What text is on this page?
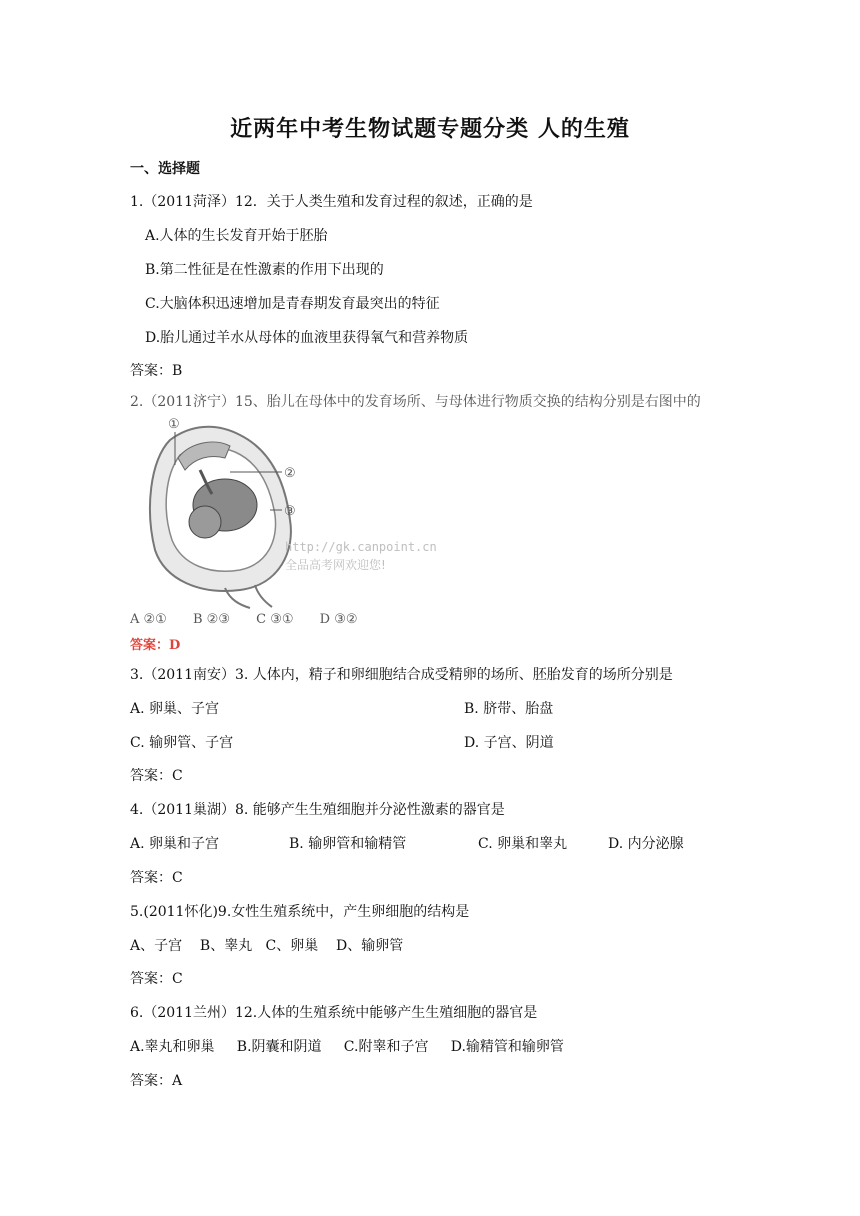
近两年中考生物试题专题分类 人的生殖
一、选择题
1.（2011菏泽）12．关于人类生殖和发育过程的叙述，正确的是
A.人体的生长发育开始于胚胎
B.第二性征是在性激素的作用下出现的
C.大脑体积迅速增加是青春期发育最突出的特征
D.胎儿通过羊水从母体的血液里获得氧气和营养物质
答案：B
2.（2011济宁）15、胎儿在母体中的发育场所、与母体进行物质交换的结构分别是右图中的
①
②
③
http://gk.canpoint.cn
全品高考网欢迎您!
A ②① B ②③ C ③① D ③②
答案：D
3.（2011南安）3. 人体内，精子和卵细胞结合成受精卵的场所、胚胎发育的场所分别是
A. 卵巢、子宫	B. 脐带、胎盘
C. 输卵管、子宫	D. 子宫、阴道
答案：C
4.（2011巢湖）8. 能够产生生殖细胞并分泌性激素的器官是
A. 卵巢和子宫	B. 输卵管和输精管	C. 卵巢和睾丸	D. 内分泌腺
答案：C
5.(2011怀化)9.女性生殖系统中，产生卵细胞的结构是
A、子宫    B、睾丸   C、卵巢    D、输卵管
答案：C
6.（2011兰州）12.人体的生殖系统中能够产生生殖细胞的器官是
A.睾丸和卵巢     B.阴囊和阴道     C.附睾和子宫     D.输精管和输卵管
答案：A
